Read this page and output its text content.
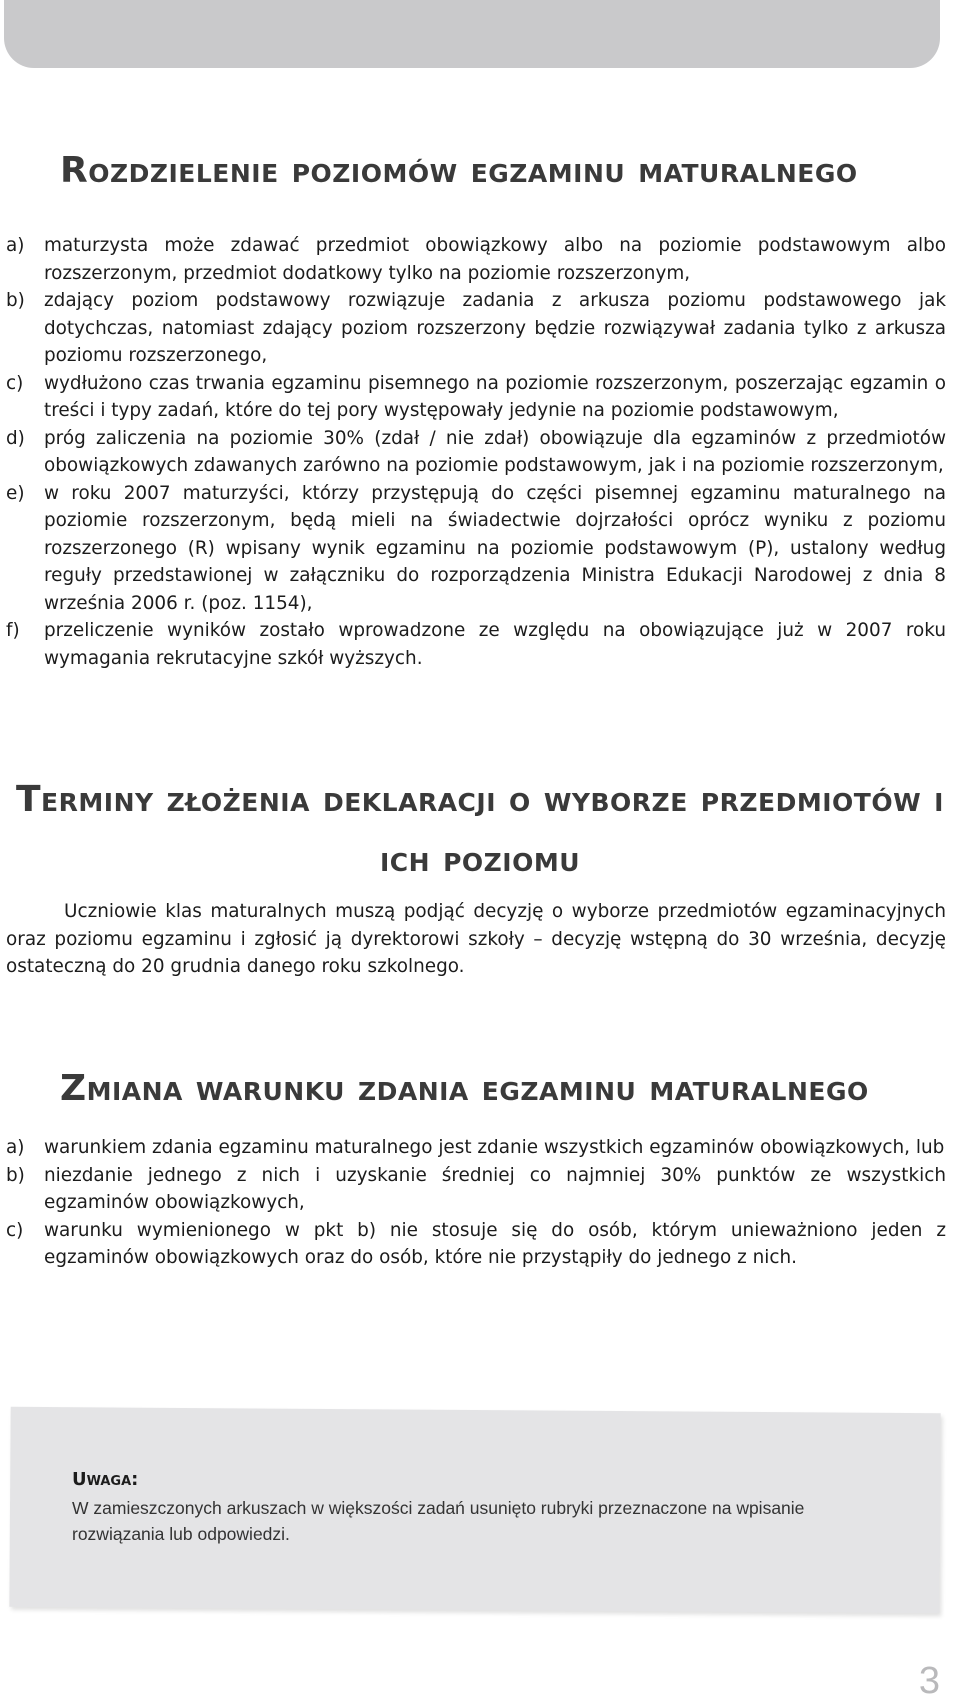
Rozdzielenie poziomów egzaminu maturalnego
a) maturzysta może zdawać przedmiot obowiązkowy albo na poziomie podstawowym albo rozszerzonym, przedmiot dodatkowy tylko na poziomie rozszerzonym,
b) zdający poziom podstawowy rozwiązuje zadania z arkusza poziomu podstawowego jak dotychczas, natomiast zdający poziom rozszerzony będzie rozwiązywał zadania tylko z arkusza poziomu rozszerzonego,
c) wydłużono czas trwania egzaminu pisemnego na poziomie rozszerzonym, poszerzając egzamin o treści i typy zadań, które do tej pory występowały jedynie na poziomie podstawowym,
d) próg zaliczenia na poziomie 30% (zdał / nie zdał) obowiązuje dla egzaminów z przedmiotów obowiązkowych zdawanych zarówno na poziomie podstawowym, jak i na poziomie rozszerzonym,
e) w roku 2007 maturzyści, którzy przystępują do części pisemnej egzaminu maturalnego na poziomie rozszerzonym, będą mieli na świadectwie dojrzałości oprócz wyniku z poziomu rozszerzonego (R) wpisany wynik egzaminu na poziomie podstawowym (P), ustalony według reguły przedstawionej w załączniku do rozporządzenia Ministra Edukacji Narodowej z dnia 8 września 2006 r. (poz. 1154),
f) przeliczenie wyników zostało wprowadzone ze względu na obowiązujące już w 2007 roku wymagania rekrutacyjne szkół wyższych.
Terminy złożenia deklaracji o wyborze przedmiotów i ich poziomu

Uczniowie klas maturalnych muszą podjąć decyzję o wyborze przedmiotów egzaminacyjnych oraz poziomu egzaminu i zgłosić ją dyrektorowi szkoły – decyzję wstępną do 30 września, decyzję ostateczną do 20 grudnia danego roku szkolnego.

Zmiana warunku zdania egzaminu maturalnego
a) warunkiem zdania egzaminu maturalnego jest zdanie wszystkich egzaminów obowiązkowych, lub
b) niezdanie jednego z nich i uzyskanie średniej co najmniej 30% punktów ze wszystkich egzaminów obowiązkowych,
c) warunku wymienionego w pkt b) nie stosuje się do osób, którym unieważniono jeden z egzaminów obowiązkowych oraz do osób, które nie przystąpiły do jednego z nich.
Uwaga:

W zamieszczonych arkuszach w większości zadań usunięto rubryki przeznaczone na wpisanie rozwiązania lub odpowiedzi.

3
